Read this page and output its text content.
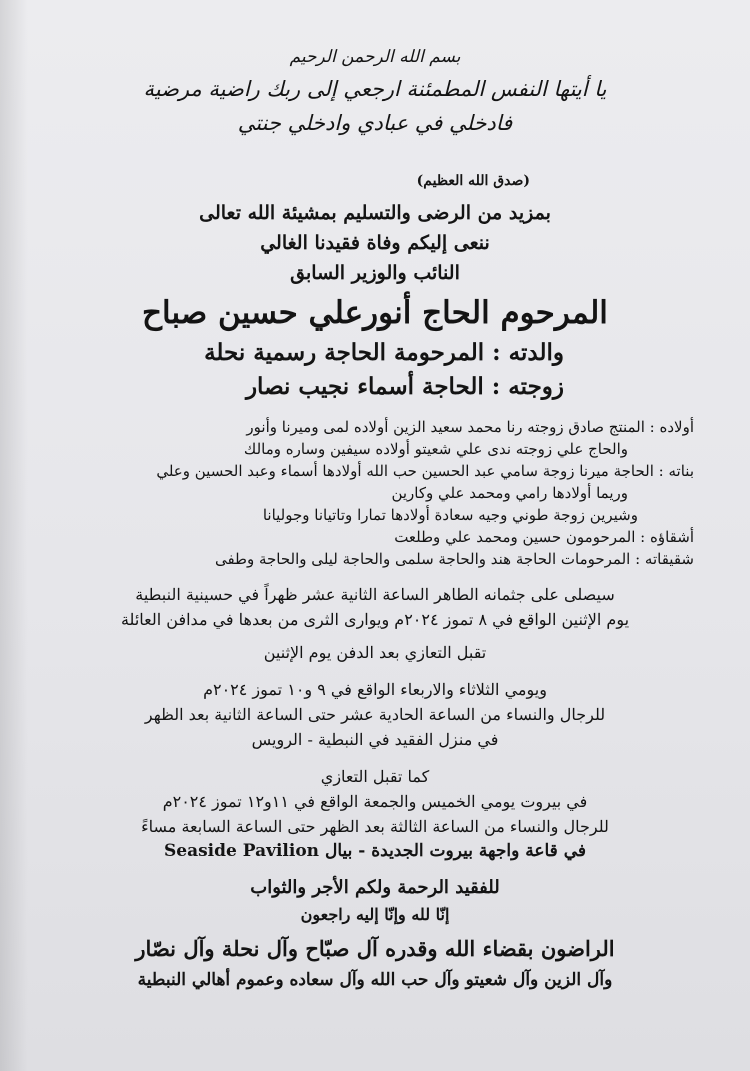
بسم الله الرحمن الرحيم
يا أيتها النفس المطمئنة ارجعي إلى ربك راضية مرضية
فادخلي في عبادي وادخلي جنتي
(صدق الله العظيم)
بمزيد من الرضى والتسليم بمشيئة الله تعالى
ننعى إليكم وفاة فقيدنا الغالي
النائب والوزير السابق
المرحوم الحاج أنورعلي حسين صباح
والدته : المرحومة الحاجة رسمية نحلة
زوجته : الحاجة أسماء نجيب نصار
أولاده : المنتج صادق زوجته رنا محمد سعيد الزين أولاده لمى وميرنا وأنور
والحاج علي زوجته ندى علي شعيتو أولاده سيفين وساره ومالك
بناته : الحاجة ميرنا زوجة سامي عبد الحسين حب الله أولادها أسماء وعبد الحسين وعلي
وريما أولادها رامي ومحمد علي وكارين
وشيرين زوجة طوني وجيه سعادة أولادها تمارا وتاتيانا وجوليانا
أشقاؤه : المرحومون حسين ومحمد علي وطلعت
شقيقاته : المرحومات الحاجة هند والحاجة سلمى والحاجة ليلى والحاجة وطفى
سيصلى على جثمانه الطاهر الساعة الثانية عشر ظهراً في حسينية النبطية
يوم الإثنين الواقع في ٨ تموز ٢٠٢٤م ويوارى الثرى من بعدها في مدافن العائلة
تقبل التعازي بعد الدفن يوم الإثنين
ويومي الثلاثاء والاربعاء الواقع في ٩ و١٠ تموز ٢٠٢٤م
للرجال والنساء من الساعة الحادية عشر حتى الساعة الثانية بعد الظهر
في منزل الفقيد في النبطية - الرويس
كما تقبل التعازي
في بيروت يومي الخميس والجمعة الواقع في ١١و١٢ تموز ٢٠٢٤م
للرجال والنساء من الساعة الثالثة بعد الظهر حتى الساعة السابعة مساءً
في قاعة واجهة بيروت الجديدة - بيال Seaside Pavilion
للفقيد الرحمة ولكم الأجر والثواب
إنّا لله وإنّا إليه راجعون
الراضون بقضاء الله وقدره آل صبّاح وآل نحلة وآل نصّار
وآل الزين وآل شعيتو وآل حب الله وآل سعاده وعموم أهالي النبطية
